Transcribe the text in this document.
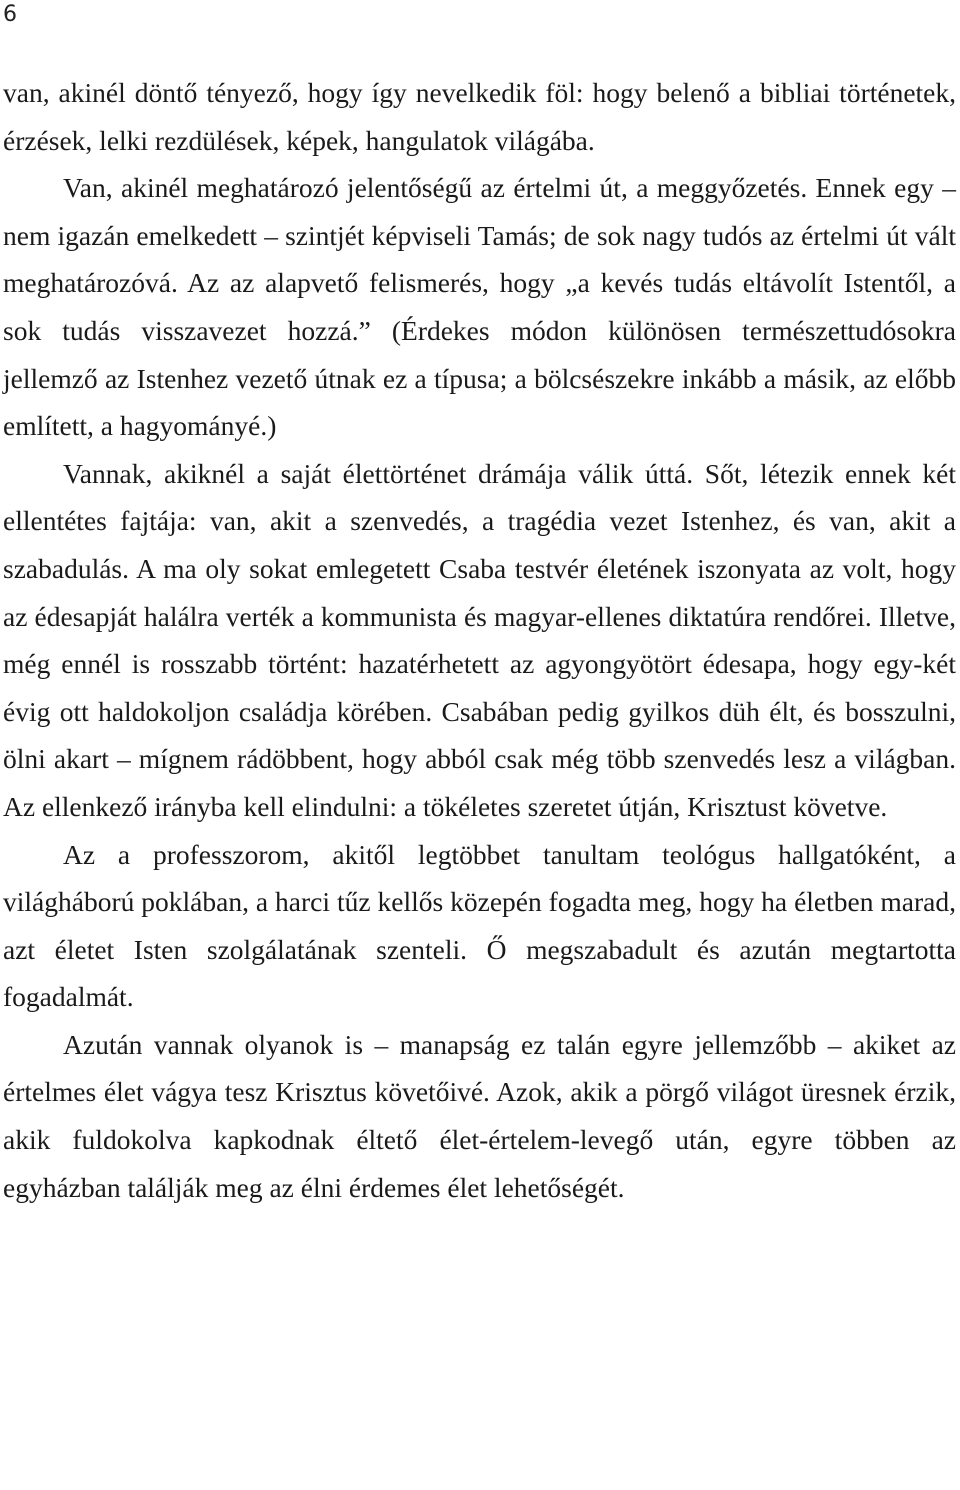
6

van, akinél döntő tényező, hogy így nevelkedik föl: hogy belenő a bibliai történetek, érzések, lelki rezdülések, képek, hangulatok világába.

Van, akinél meghatározó jelentőségű az értelmi út, a meggyőzetés. Ennek egy – nem igazán emelkedett – szintjét képviseli Tamás; de sok nagy tudós az értelmi út vált meghatározóvá. Az az alapvető felismerés, hogy „a kevés tudás eltávolít Istentől, a sok tudás visszavezet hozzá.” (Érdekes módon különösen természettudósokra jellemző az Istenhez vezető útnak ez a típusa; a bölcsészekre inkább a másik, az előbb említett, a hagyományé.)

Vannak, akiknél a saját élettörténet drámája válik úttá. Sőt, létezik ennek két ellentétes fajtája: van, akit a szenvedés, a tragédia vezet Istenhez, és van, akit a szabadulás. A ma oly sokat emlegetett Csaba testvér életének iszonyata az volt, hogy az édesapját halálra verték a kommunista és magyar-ellenes diktatúra rendőrei. Illetve, még ennél is rosszabb történt: hazatérhetett az agyongyötört édesapa, hogy egy-két évig ott haldokoljon családja körében. Csabában pedig gyilkos düh élt, és bosszulni, ölni akart – mígnem rádöbbent, hogy abból csak még több szenvedés lesz a világban. Az ellenkező irányba kell elindulni: a tökéletes szeretet útján, Krisztust követve.

Az a professzorom, akitől legtöbbet tanultam teológus hallgatóként, a világháború poklában, a harci tűz kellős közepén fogadta meg, hogy ha életben marad, azt életet Isten szolgálatának szenteli. Ő megszabadult és azután megtartotta fogadalmát.

Azután vannak olyanok is – manapság ez talán egyre jellemzőbb – akiket az értelmes élet vágya tesz Krisztus követőivé. Azok, akik a pörgő világot üresnek érzik, akik fuldokolva kapkodnak éltető élet-értelem-levegő után, egyre többen az egyházban találják meg az élni érdemes élet lehetőségét.
